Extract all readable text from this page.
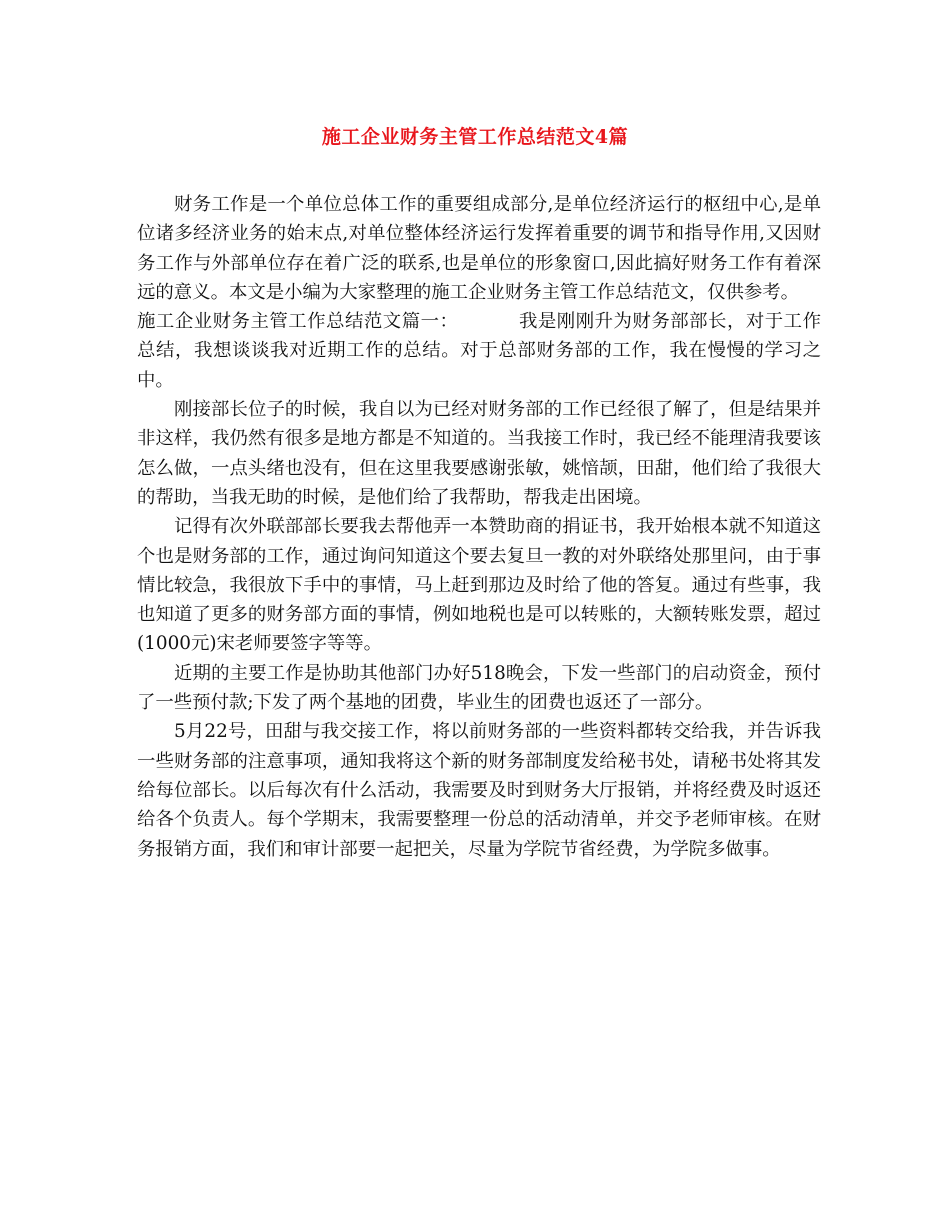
施工企业财务主管工作总结范文4篇

财务工作是一个单位总体工作的重要组成部分,是单位经济运行的枢纽中心,是单位诸多经济业务的始末点,对单位整体经济运行发挥着重要的调节和指导作用,又因财务工作与外部单位存在着广泛的联系,也是单位的形象窗口,因此搞好财务工作有着深远的意义。本文是小编为大家整理的施工企业财务主管工作总结范文，仅供参考。

施工企业财务主管工作总结范文篇一：	我是刚刚升为财务部部长，对于工作总结，我想谈谈我对近期工作的总结。对于总部财务部的工作，我在慢慢的学习之中。

刚接部长位子的时候，我自以为已经对财务部的工作已经很了解了，但是结果并非这样，我仍然有很多是地方都是不知道的。当我接工作时，我已经不能理清我要该怎么做，一点头绪也没有，但在这里我要感谢张敏，姚愔颉，田甜，他们给了我很大的帮助，当我无助的时候，是他们给了我帮助，帮我走出困境。

记得有次外联部部长要我去帮他弄一本赞助商的捐证书，我开始根本就不知道这个也是财务部的工作，通过询问知道这个要去复旦一教的对外联络处那里问，由于事情比较急，我很放下手中的事情，马上赶到那边及时给了他的答复。通过有些事，我也知道了更多的财务部方面的事情，例如地税也是可以转账的，大额转账发票，超过(1000元)宋老师要签字等等。

近期的主要工作是协助其他部门办好518晚会，下发一些部门的启动资金，预付了一些预付款;下发了两个基地的团费，毕业生的团费也返还了一部分。

5月22号，田甜与我交接工作，将以前财务部的一些资料都转交给我，并告诉我一些财务部的注意事项，通知我将这个新的财务部制度发给秘书处，请秘书处将其发给每位部长。以后每次有什么活动，我需要及时到财务大厅报销，并将经费及时返还给各个负责人。每个学期末，我需要整理一份总的活动清单，并交予老师审核。在财务报销方面，我们和审计部要一起把关，尽量为学院节省经费，为学院多做事。
